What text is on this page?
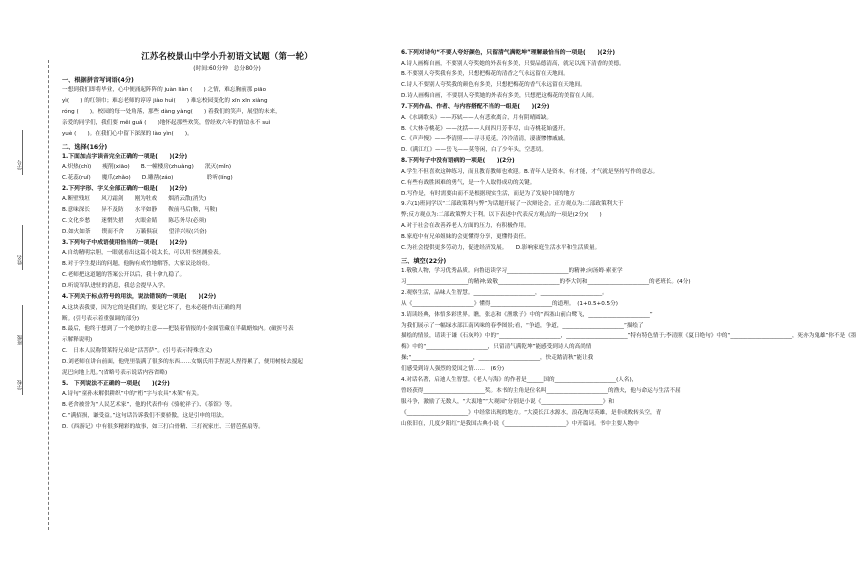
学号
姓名
班级
学校
江苏名校景山中学小升初语文试题（第一轮）
(时间:60分钟　总分80分)
一、根据拼音写词语(4分)
一想到我们即将毕业，心中便涌起阵阵的 juàn liàn (　　) 之情，难忘胸前那 piāo
yì(　　) 的红领巾；难忘老师的谆谆 jiào huì(　　) 难忘校园变化的 xīn xīn xiàng
róng (　　)。校园的每一处角落，那些 dàng yàng(　　) 着我们的笑声，展望的未来，
亲爱的同学们，我们要 měi guǎ (　　)地怀起那些欢笑，曾经欢六年的情谊永不 suì
yuè (　　)。在我们心中留下深深的 lào yìn(　　)。
二、选择(16分)
1.下面加点字读音完全正确的一项是(　　)(2分)
A.炽热(chì)　　瘦削(xiāo)　　B.一幢楼房(zhuàng)　　泯灭(mǐn)
C.花蕊(ruǐ)　　魔爪(zhǎo)　　D.雕凿(záo)　　　　　　聆听(líng)
2.下列字形、字义全部正确的一组是(　　)(2分)
A.断壁残垣　　风刀霜剑　　刚为牡戏　　烟消云散(消失)
B.意味深长　　异不及防　　水平如静　　鞍前马后(鞍，马鞍)
C.文化乡愁　　迷惘失措　　火眼金睛　　陈芯务尽(必须)
D.如火如荼　　锲而不舍　　万籁俱寂　　望洋兴叹(兴奋)
3.下列句子中成语使用恰当的一项是(　　)(2分)
A.自幼精明宗胆，一眼就看出这篇小说太长，可以用书丝测验表。
B.对于学生提出的问题，他胸有成竹地解答，大家议论纷纷。
C.老师把这道题的答案公开以后，我十拿九稳了。
D.听说军队进驻的消息，我总会提早入学。
4.下列关于标点符号的用法，说法错误的一项是(　　)(2分)
A.这块表我要，因为它的是我们的，要是它坏了，也未必能作出正确的判
断。(引号表示着重强调的部分)
B.最后，他终于想到了一个绝妙的主意——把装着情报的小金属管藏在半截蜡烛内。(破折号表
示解释说明)
C.　日本人民称赞莱特兄弟是“活菩萨”。(引号表示特殊含义)
D.刘老师在讲台前面，他兜里装满了很多的东西……女娲氏用手捏泥人捏得累了，便用树枝去搅起
泥巴向地上甩。”(省略号表示说话内容省略)
5.　下列说法不正确的一项是(　　)(2分)
A.诗句“童孙未解供耕织”中的“桁”字与农具“木架”有关。
B.老舍被誉为“人民艺术家”，他的代表作有《骆驼祥子》、《茶馆》等。
C.“满招损，谦受益。”这句话告诉我们不要骄傲，这是引申的用法。
D.《西游记》中有很多精彩的故事，如三打白骨精、三打祝家庄、三借芭蕉扇等。
6.下列对诗句“不要人夸好颜色，只留清气满乾坤”理解最恰当的一项是(　　)(2分)
A.诗人画梅自画，不要别人夸奖她的外表有多美，只要品德清高，就足以流下清香的美德。
B.不要别人夸奖我有多美，只想把梅花的清香之气永远留在天地间。
C.诗人不要别人夸奖我的颜色有多美，只想把梅花的香气永远留在天地间。
D.诗人画梅自画，不要别人夸奖她的外表有多美，只想把这梅花的美留在人间。
7.下列作品、作者、与内容搭配不当的一组是(　　)(2分)
A.《水调歌头》——苏轼——人有悲欢离合，月有阴晴圆缺。
B.《大林寺桃花》——沈括——人间四月芳菲尽，山寺桃花始盛开。
C.《声声慢》——李清照——寻寻觅觅，冷冷清清，凄凄惨惨戚戚。
D.《满江红》——岳飞——莫等闲，白了少年头，空悲切。
8.下列句子中没有语病的一项是(　　)(2分)
A.学生不但喜欢这种练习，而且教育教师也欢迎。B.青年人是资本，有才能，才气就是坚持写作的意志。
C.有些有战胜困难的勇气，是一个人取得成功的关键。
D.写作是，有时需要由而不是根据现实生活，而是为了发展中国的地方
9.六(1)班同学以“二部政策利与弊”为话题开展了一次辩论会。正方观点为:二部政策利大于
弊;反方观点为:二部政策弊大于利。以下表述中代表反方观点的一项是(2分)(　　)
A.对于社会在改善养老人方面的压力，有积极作用。
B.家庭中有兄弟姐妹的会更懂得分享，更懂得责任。
C.为社会提供更多劳动力，促进经济发展。　　D.影响家庭生活水平和生活质量。
三、填空(22分)
1.敬敬人物，学习优秀品质。向鲁迅读学习______________________的精神;向汤姆·索亚学
习______________________的精神;致敬______________________的李大钊和______________________的老班长。(4分)
2.观察生活，品味人生智慧。______________________，______________________。
从《______________________》懂得______________________的道理。　(1+0.5+0.5分)
3.请读经典，体悟多彩世界。瞧，张志和《渔歌子》中的“西塞山前白鹭飞，______________________”
为我们展示了一幅绿水部江南风味的春季图景;看，“争道，争道，______________________”描绘了
描绘的情景，请读于谦《石灰吟》中的“______________________，______________________”特有特色情于;李清照《夏日绝句》中的“______________________，死亦为鬼雄”你不是《墨
梅》中的“______________________，只留清气满乾坤”能感受到诗人的高尚情
操;“______________________，______________________，快走踏清秋”能让我
们感受到诗人强烈的爱国之情……　(6分)
4.对话名著，启迪人生智慧。《老人与海》的作者是______国的______________________(人名)，
曾经获得______________________奖。本书的主角是位名叫______________________的渔夫，他与命运与生活不屈
服斗争，激励了无数人，“大衷地”“大观园”分别是小说《______________________》和
《______________________》中经常出现的地方。“大漠长江水源水，浪花淘尽英雄，是非成败转头空，青
山依旧在，几度夕阳红”是我国古典小说《______________________》中开篇词。书中主要人物中
